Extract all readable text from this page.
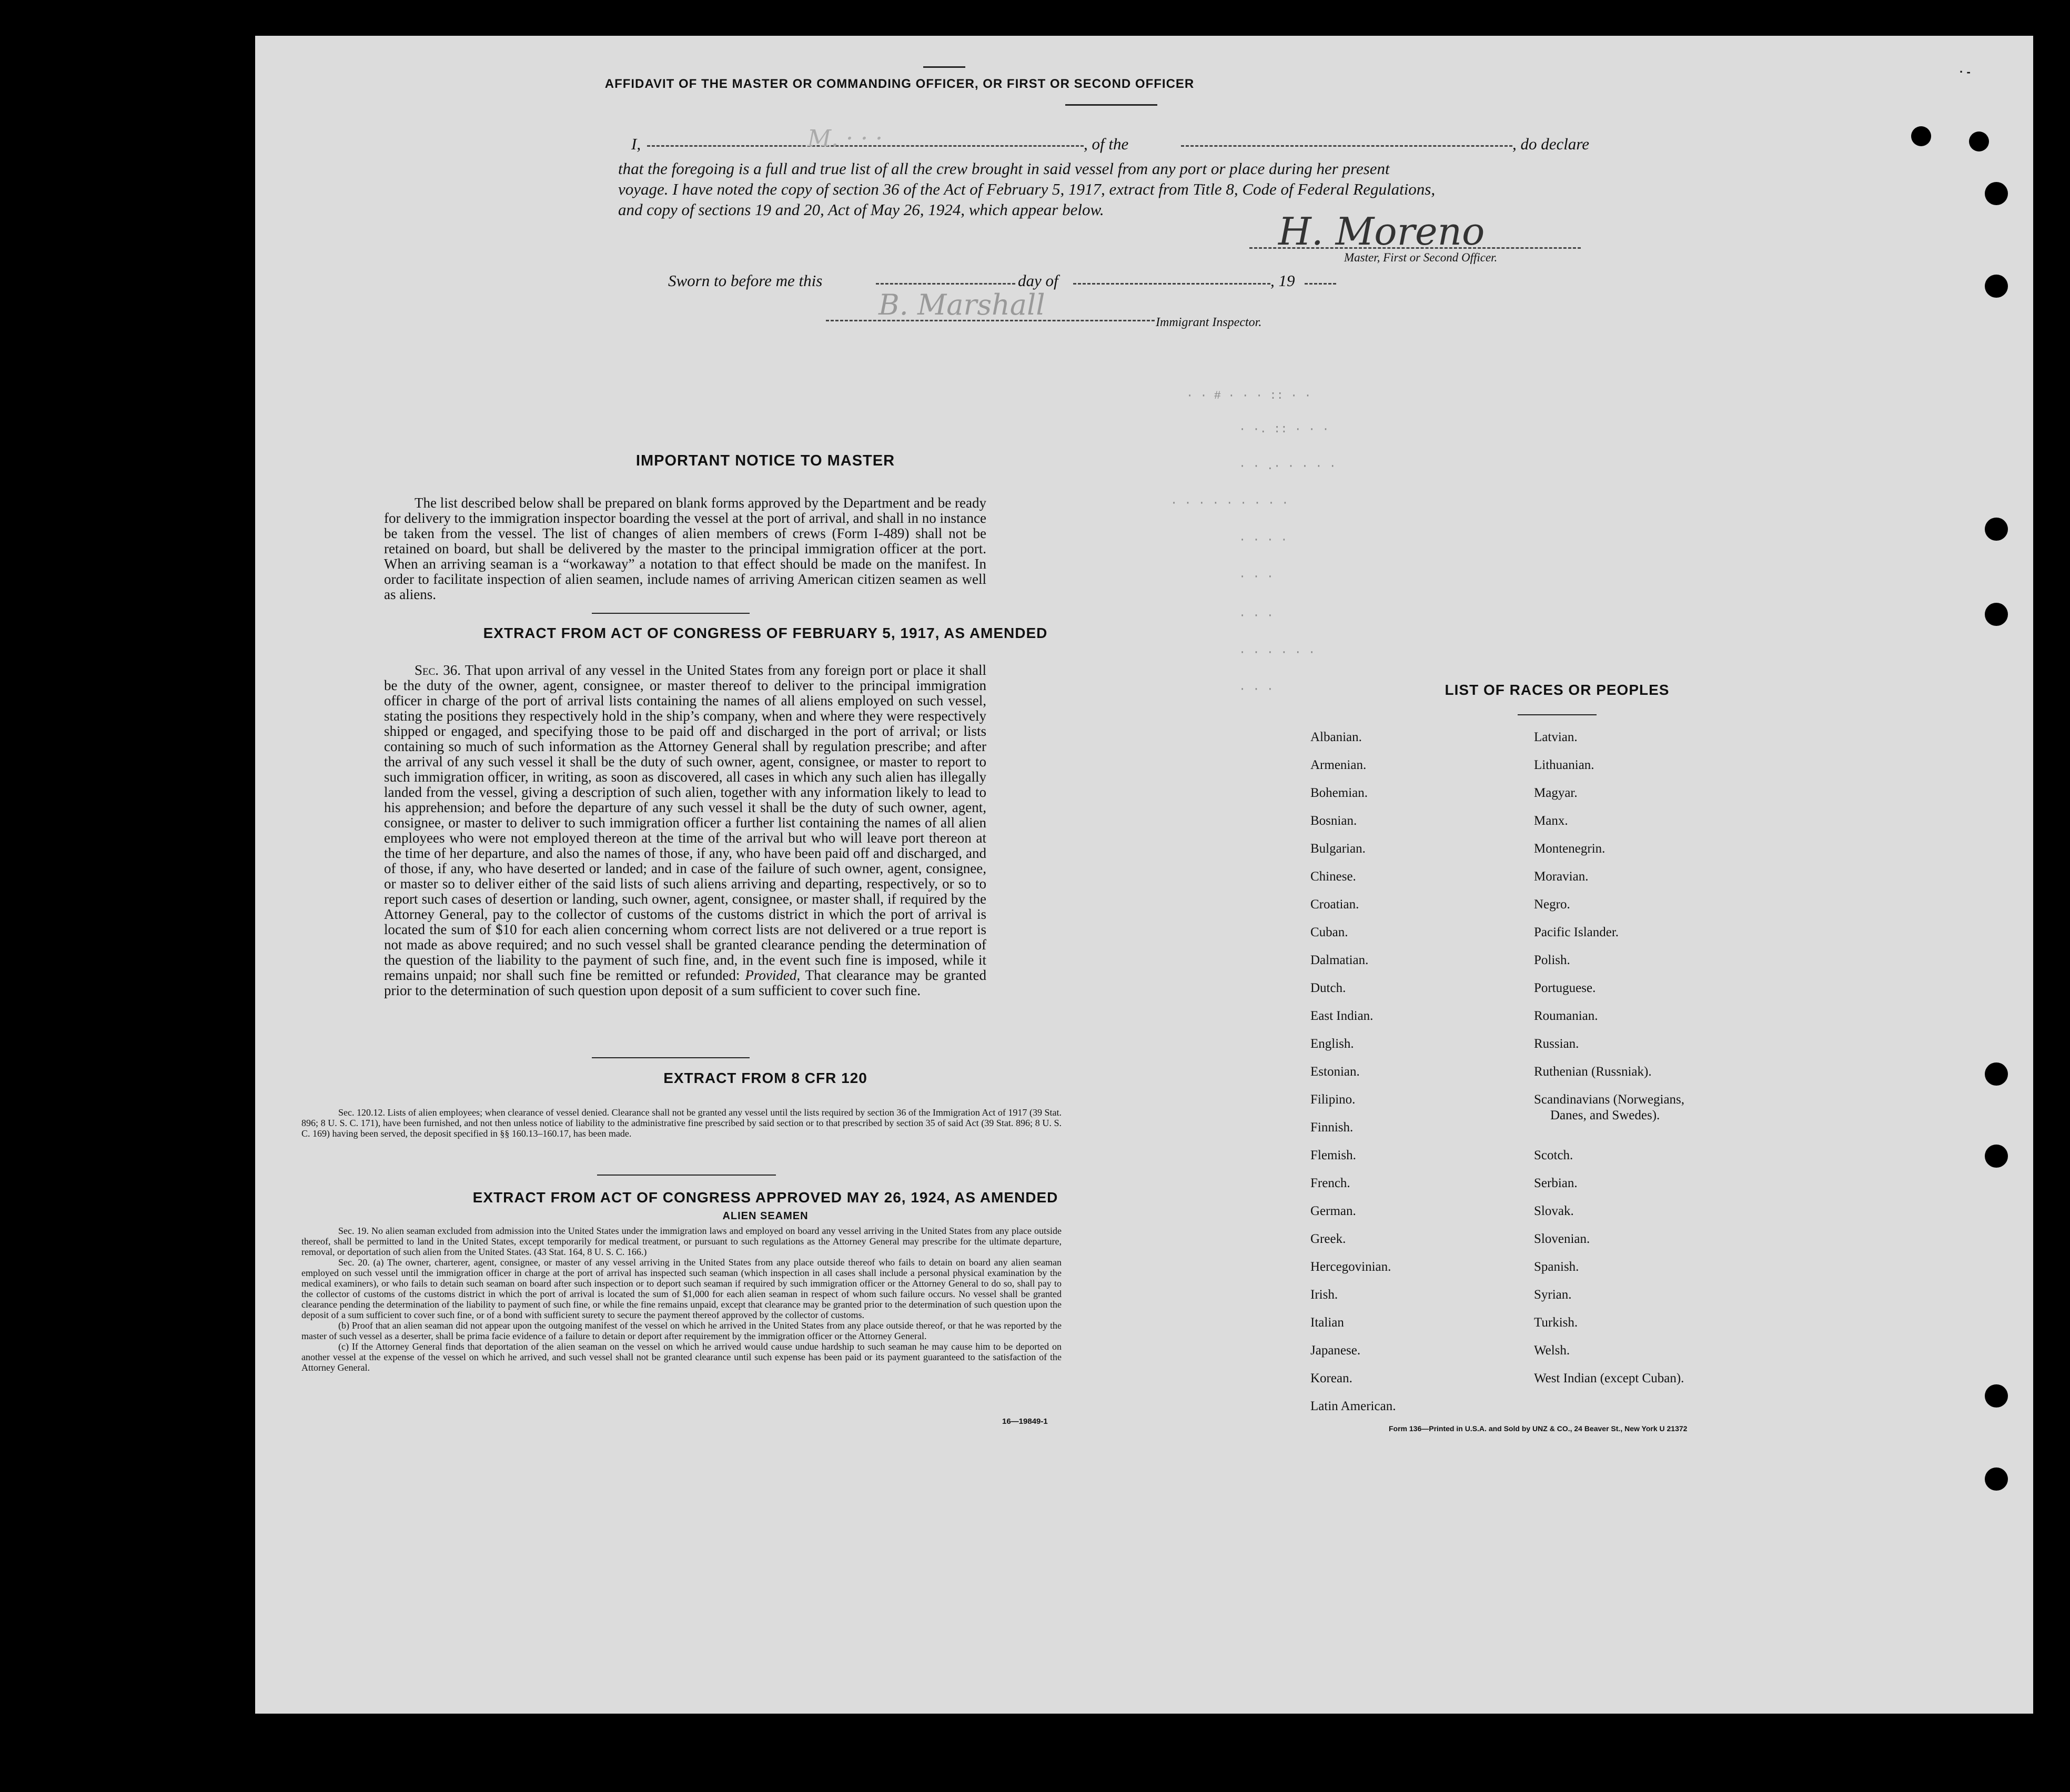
AFFIDAVIT OF THE MASTER OR COMMANDING OFFICER, OR FIRST OR SECOND OFFICER
I,	M. · · ·	, of the	, do declare
that the foregoing is a full and true list of all the crew brought in said vessel from any port or place during her present
voyage. I have noted the copy of section 36 of the Act of February 5, 1917, extract from Title 8, Code of Federal Regulations,
and copy of sections 19 and 20, Act of May 26, 1924, which appear below.	H. Moreno
Master, First or Second Officer.
Sworn to before me this	day of	, 19
B. Marshall
Immigrant Inspector.
IMPORTANT NOTICE TO MASTER
The list described below shall be prepared on blank forms approved by the Department and be ready for delivery to the immigration inspector boarding the vessel at the port of arrival, and shall in no instance be taken from the vessel. The list of changes of alien members of crews (Form I-489) shall not be retained on board, but shall be delivered by the master to the principal immigration officer at the port. When an arriving seaman is a “workaway” a notation to that effect should be made on the manifest. In order to facilitate inspection of alien seamen, include names of arriving American citizen seamen as well as aliens.
EXTRACT FROM ACT OF CONGRESS OF FEBRUARY 5, 1917, AS AMENDED
Sec. 36. That upon arrival of any vessel in the United States from any foreign port or place it shall be the duty of the owner, agent, consignee, or master thereof to deliver to the principal immigration officer in charge of the port of arrival lists containing the names of all aliens employed on such vessel, stating the positions they respectively hold in the ship’s company, when and where they were respectively shipped or engaged, and specifying those to be paid off and discharged in the port of arrival; or lists containing so much of such information as the Attorney General shall by regulation prescribe; and after the arrival of any such vessel it shall be the duty of such owner, agent, consignee, or master to report to such immigration officer, in writing, as soon as discovered, all cases in which any such alien has illegally landed from the vessel, giving a description of such alien, together with any information likely to lead to his apprehension; and before the departure of any such vessel it shall be the duty of such owner, agent, consignee, or master to deliver to such immigration officer a further list containing the names of all alien employees who were not employed thereon at the time of the arrival but who will leave port thereon at the time of her departure, and also the names of those, if any, who have been paid off and discharged, and of those, if any, who have deserted or landed; and in case of the failure of such owner, agent, consignee, or master so to deliver either of the said lists of such aliens arriving and departing, respectively, or so to report such cases of desertion or landing, such owner, agent, consignee, or master shall, if required by the Attorney General, pay to the collector of customs of the customs district in which the port of arrival is located the sum of $10 for each alien concerning whom correct lists are not delivered or a true report is not made as above required; and no such vessel shall be granted clearance pending the determination of the question of the liability to the payment of such fine, and, in the event such fine is imposed, while it remains unpaid; nor shall such fine be remitted or refunded: Provided, That clearance may be granted prior to the determination of such question upon deposit of a sum sufficient to cover such fine.
EXTRACT FROM 8 CFR 120
Sec. 120.12. Lists of alien employees; when clearance of vessel denied. Clearance shall not be granted any vessel until the lists required by section 36 of the Immigration Act of 1917 (39 Stat. 896; 8 U. S. C. 171), have been furnished, and not then unless notice of liability to the administrative fine prescribed by said section or to that prescribed by section 35 of said Act (39 Stat. 896; 8 U. S. C. 169) having been served, the deposit specified in §§ 160.13–160.17, has been made.
EXTRACT FROM ACT OF CONGRESS APPROVED MAY 26, 1924, AS AMENDED
ALIEN SEAMEN
Sec. 19. No alien seaman excluded from admission into the United States under the immigration laws and employed on board any vessel arriving in the United States from any place outside thereof, shall be permitted to land in the United States, except temporarily for medical treatment, or pursuant to such regulations as the Attorney General may prescribe for the ultimate departure, removal, or deportation of such alien from the United States. (43 Stat. 164, 8 U. S. C. 166.)
Sec. 20. (a) The owner, charterer, agent, consignee, or master of any vessel arriving in the United States from any place outside thereof who fails to detain on board any alien seaman employed on such vessel until the immigration officer in charge at the port of arrival has inspected such seaman (which inspection in all cases shall include a personal physical examination by the medical examiners), or who fails to detain such seaman on board after such inspection or to deport such seaman if required by such immigration officer or the Attorney General to do so, shall pay to the collector of customs of the customs district in which the port of arrival is located the sum of $1,000 for each alien seaman in respect of whom such failure occurs. No vessel shall be granted clearance pending the determination of the liability to payment of such fine, or while the fine remains unpaid, except that clearance may be granted prior to the determination of such question upon the deposit of a sum sufficient to cover such fine, or of a bond with sufficient surety to secure the payment thereof approved by the collector of customs.
(b) Proof that an alien seaman did not appear upon the outgoing manifest of the vessel on which he arrived in the United States from any place outside thereof, or that he was reported by the master of such vessel as a deserter, shall be prima facie evidence of a failure to detain or deport after requirement by the immigration officer or the Attorney General.
(c) If the Attorney General finds that deportation of the alien seaman on the vessel on which he arrived would cause undue hardship to such seaman he may cause him to be deported on another vessel at the expense of the vessel on which he arrived, and such vessel shall not be granted clearance until such expense has been paid or its payment guaranteed to the satisfaction of the Attorney General.
16—19849-1
· · # · · · :: · ·
· ·. :: · · ·
· · .· · · · ·
· · · · · · · · ·
· · · ·
· · ·
· · ·
· · · · · ·
· · ·	LIST OF RACES OR PEOPLES
Albanian.
Armenian.
Bohemian.
Bosnian.
Bulgarian.
Chinese.
Croatian.
Cuban.
Dalmatian.
Dutch.
East Indian.
English.
Estonian.
Filipino.
Finnish.
Flemish.
French.
German.
Greek.
Hercegovinian.
Irish.
Italian
Japanese.
Korean.
Latin American.
Latvian.
Lithuanian.
Magyar.
Manx.
Montenegrin.
Moravian.
Negro.
Pacific Islander.
Polish.
Portuguese.
Roumanian.
Russian.
Ruthenian (Russniak).
Scandinavians (Norwegians,
Danes, and Swedes).
Scotch.
Serbian.
Slovak.
Slovenian.
Spanish.
Syrian.
Turkish.
Welsh.
West Indian (except Cuban).
Form 136—Printed in U.S.A. and Sold by UNZ & CO., 24 Beaver St., New York U 21372
· -
